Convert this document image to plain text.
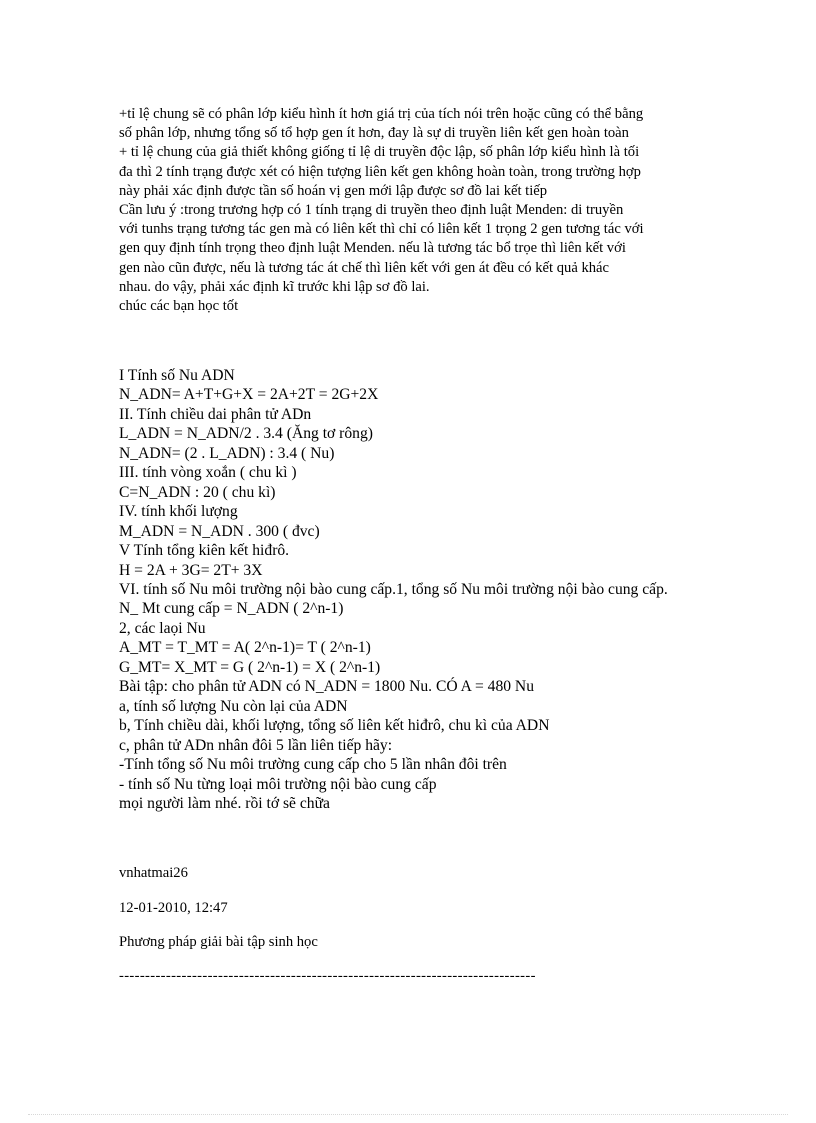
+tỉ lệ chung sẽ có phân lớp kiểu hình ít hơn giá trị của tích nói trên hoặc cũng có thể bằng
số phân lớp, nhưng tổng số tổ hợp gen ít hơn, đay là sự di truyền liên kết gen hoàn toàn
+ tỉ lệ chung của giả thiết không giống tỉ lệ di truyền độc lập, số phân lớp kiểu hình là tối
đa thì 2 tính trạng được xét có hiện tượng liên kết gen không hoàn toàn, trong trường hợp
này phải xác định được tần số hoán vị gen mới lập được sơ đồ lai kết tiếp
Cần lưu ý :trong trương hợp có 1 tính trạng di truyền theo định luật Menden: di truyền
với tunhs trạng tương tác gen mà có liên kết thì chỉ có liên kết 1 trọng 2 gen tương tác với
gen quy định tính trọng theo định luật Menden. nếu là tương tác bổ trọe thì liên kết với
gen nào cũn được, nếu là tương tác át chế thì liên kết với gen át đều có kết quả khác
nhau. do vậy, phải xác định kĩ trước khi lập sơ đồ lai.
chúc các bạn học tốt
I Tính số Nu ADN
N_ADN= A+T+G+X = 2A+2T = 2G+2X
II. Tính chiều dai phân tử ADn
L_ADN = N_ADN/2 . 3.4 (Ăng tơ rông)
N_ADN= (2 . L_ADN) : 3.4 ( Nu)
III. tính vòng xoắn ( chu kì )
C=N_ADN : 20 ( chu kì)
IV. tính khối lượng
M_ADN = N_ADN . 300 ( đvc)
V Tính tổng kiên kết hiđrô.
H = 2A + 3G= 2T+ 3X
VI. tính số Nu môi trường nội bào cung cấp.1, tổng số Nu môi trường nội bào cung cấp.
N_ Mt cung cấp = N_ADN ( 2^n-1)
2, các laọi Nu
A_MT = T_MT = A( 2^n-1)= T ( 2^n-1)
G_MT= X_MT = G ( 2^n-1) = X ( 2^n-1)
Bài tập: cho phân tử ADN có N_ADN = 1800 Nu. CÓ A = 480 Nu
a, tính số lượng Nu còn lại của ADN
b, Tính chiều dài, khối lượng, tổng số liên kết hiđrô, chu kì của ADN
c, phân tử ADn nhân đôi 5 lần liên tiếp hãy:
-Tính tổng số Nu môi trường cung cấp cho 5 lần nhân đôi trên
- tính số Nu từng loại môi trường nội bào cung cấp
mọi người làm nhé. rồi tớ sẽ chữa
vnhatmai26
12-01-2010, 12:47
Phương pháp giải bài tập sinh học
--------------------------------------------------------------------------------
